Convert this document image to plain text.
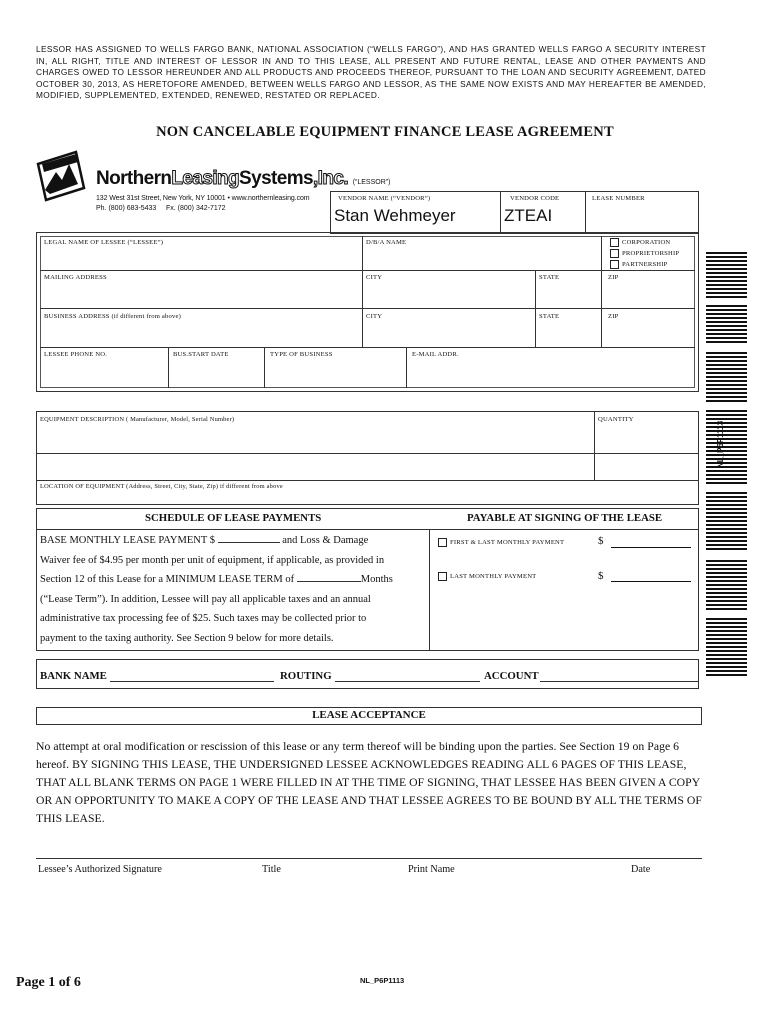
LESSOR HAS ASSIGNED TO WELLS FARGO BANK, NATIONAL ASSOCIATION (“WELLS FARGO”), AND HAS GRANTED WELLS FARGO A SECURITY INTEREST IN, ALL RIGHT, TITLE AND INTEREST OF LESSOR IN AND TO THIS LEASE, ALL PRESENT AND FUTURE RENTAL, LEASE AND OTHER PAYMENTS AND CHARGES OWED TO LESSOR HEREUNDER AND ALL PRODUCTS AND PROCEEDS THEREOF, PURSUANT TO THE LOAN AND SECURITY AGREEMENT, DATED OCTOBER 30, 2013, AS HERETOFORE AMENDED, BETWEEN WELLS FARGO AND LESSOR, AS THE SAME NOW EXISTS AND MAY HEREAFTER BE AMENDED, MODIFIED, SUPPLEMENTED, EXTENDED, RENEWED, RESTATED OR REPLACED.
NON CANCELABLE EQUIPMENT FINANCE LEASE AGREEMENT
NorthernLeasingSystems,Inc. (“LESSOR”)
132 West 31st Street, New York, NY 10001 • www.northernleasing.com
Ph. (800) 683-5433 Fx. (800) 342-7172
VENDOR NAME (“VENDOR”)
Stan Wehmeyer
VENDOR CODE
ZTEAI
LEASE NUMBER
LEGAL NAME OF LESSEE (“LESSEE”)	D/B/A NAME	CORPORATION
PROPRIETORSHIP
PARTNERSHIP
MAILING ADDRESS	CITY	STATE	ZIP
BUSINESS ADDRESS (if different from above)	CITY	STATE	ZIP
LESSEE PHONE NO.	BUS.START DATE	TYPE OF BUSINESS	E-MAIL ADDR.
EQUIPMENT DESCRIPTION ( Manufacturer, Model, Serial Number)	QUANTITY
LOCATION OF EQUIPMENT (Address, Street, City, State, Zip) if different from above
SCHEDULE OF LEASE PAYMENTS	PAYABLE AT SIGNING OF THE LEASE
BASE MONTHLY LEASE PAYMENT $	and Loss & Damage
Waiver fee of $4.95 per month per unit of equipment, if applicable, as provided in
Section 12 of this Lease for a MINIMUM LEASE TERM of	Months
(“Lease Term”). In addition, Lessee will pay all applicable taxes and an annual
administrative tax processing fee of $25. Such taxes may be collected prior to
payment to the taxing authority. See Section 9 below for more details.
FIRST & LAST MONTHLY PAYMENT	$
LAST MONTHLY PAYMENT	$
BANK NAME	ROUTING	ACCOUNT
LEASE ACCEPTANCE
No attempt at oral modification or rescission of this lease or any term thereof will be binding upon the parties. See Section 19 on Page 6 hereof. BY SIGNING THIS LEASE, THE UNDERSIGNED LESSEE ACKNOWLEDGES READING ALL 6 PAGES OF THIS LEASE, THAT ALL BLANK TERMS ON PAGE 1 WERE FILLED IN AT THE TIME OF SIGNING, THAT LESSEE HAS BEEN GIVEN A COPY OR AN OPPORTUNITY TO MAKE A COPY OF THE LEASE AND THAT LESSEE AGREES TO BE BOUND BY ALL THE TERMS OF THIS LEASE.
Lessee’s Authorized Signature	Title	Print Name	Date
NL_P6P1113
Page 1 of 6	NL_P6P1113
